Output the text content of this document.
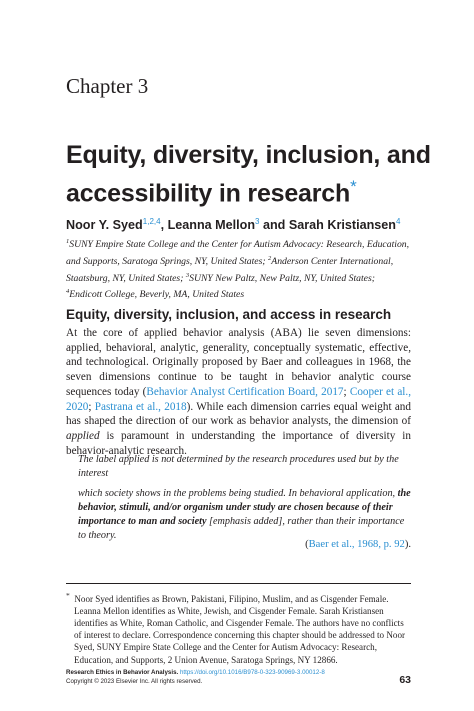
Chapter 3
Equity, diversity, inclusion, and
accessibility in research*
Noor Y. Syed$^{1,2,4}$, Leanna Mellon$^3$ and Sarah Kristiansen$^4$
$^1$SUNY Empire State College and the Center for Autism Advocacy: Research, Education, and Supports, Saratoga Springs, NY, United States; $^2$Anderson Center International, Staatsburg, NY, United States; $^3$SUNY New Paltz, New Paltz, NY, United States; $^4$Endicott College, Beverly, MA, United States
Equity, diversity, inclusion, and access in research
At the core of applied behavior analysis (ABA) lie seven dimensions: applied, behavioral, analytic, generality, conceptually systematic, effective, and technological. Originally proposed by Baer and colleagues in 1968, the seven dimensions continue to be taught in behavior analytic course sequences today (Behavior Analyst Certification Board, 2017; Cooper et al., 2020; Pastrana et al., 2018). While each dimension carries equal weight and has shaped the direction of our work as behavior analysts, the dimension of applied is paramount in understanding the importance of diversity in behavior-analytic research.
The label applied is not determined by the research procedures used but by the interest
which society shows in the problems being studied. In behavioral application, the behavior, stimuli, and/or organism under study are chosen because of their importance to man and society [emphasis added], rather than their importance to theory.
(Baer et al., 1968, p. 92).
* Noor Syed identifies as Brown, Pakistani, Filipino, Muslim, and as Cisgender Female. Leanna Mellon identifies as White, Jewish, and Cisgender Female. Sarah Kristiansen identifies as White, Roman Catholic, and Cisgender Female. The authors have no conflicts of interest to declare. Correspondence concerning this chapter should be addressed to Noor Syed, SUNY Empire State College and the Center for Autism Advocacy: Research, Education, and Supports, 2 Union Avenue, Saratoga Springs, NY 12866.
Research Ethics in Behavior Analysis. https://doi.org/10.1016/B978-0-323-90969-3.00012-8
Copyright © 2023 Elsevier Inc. All rights reserved.	63
